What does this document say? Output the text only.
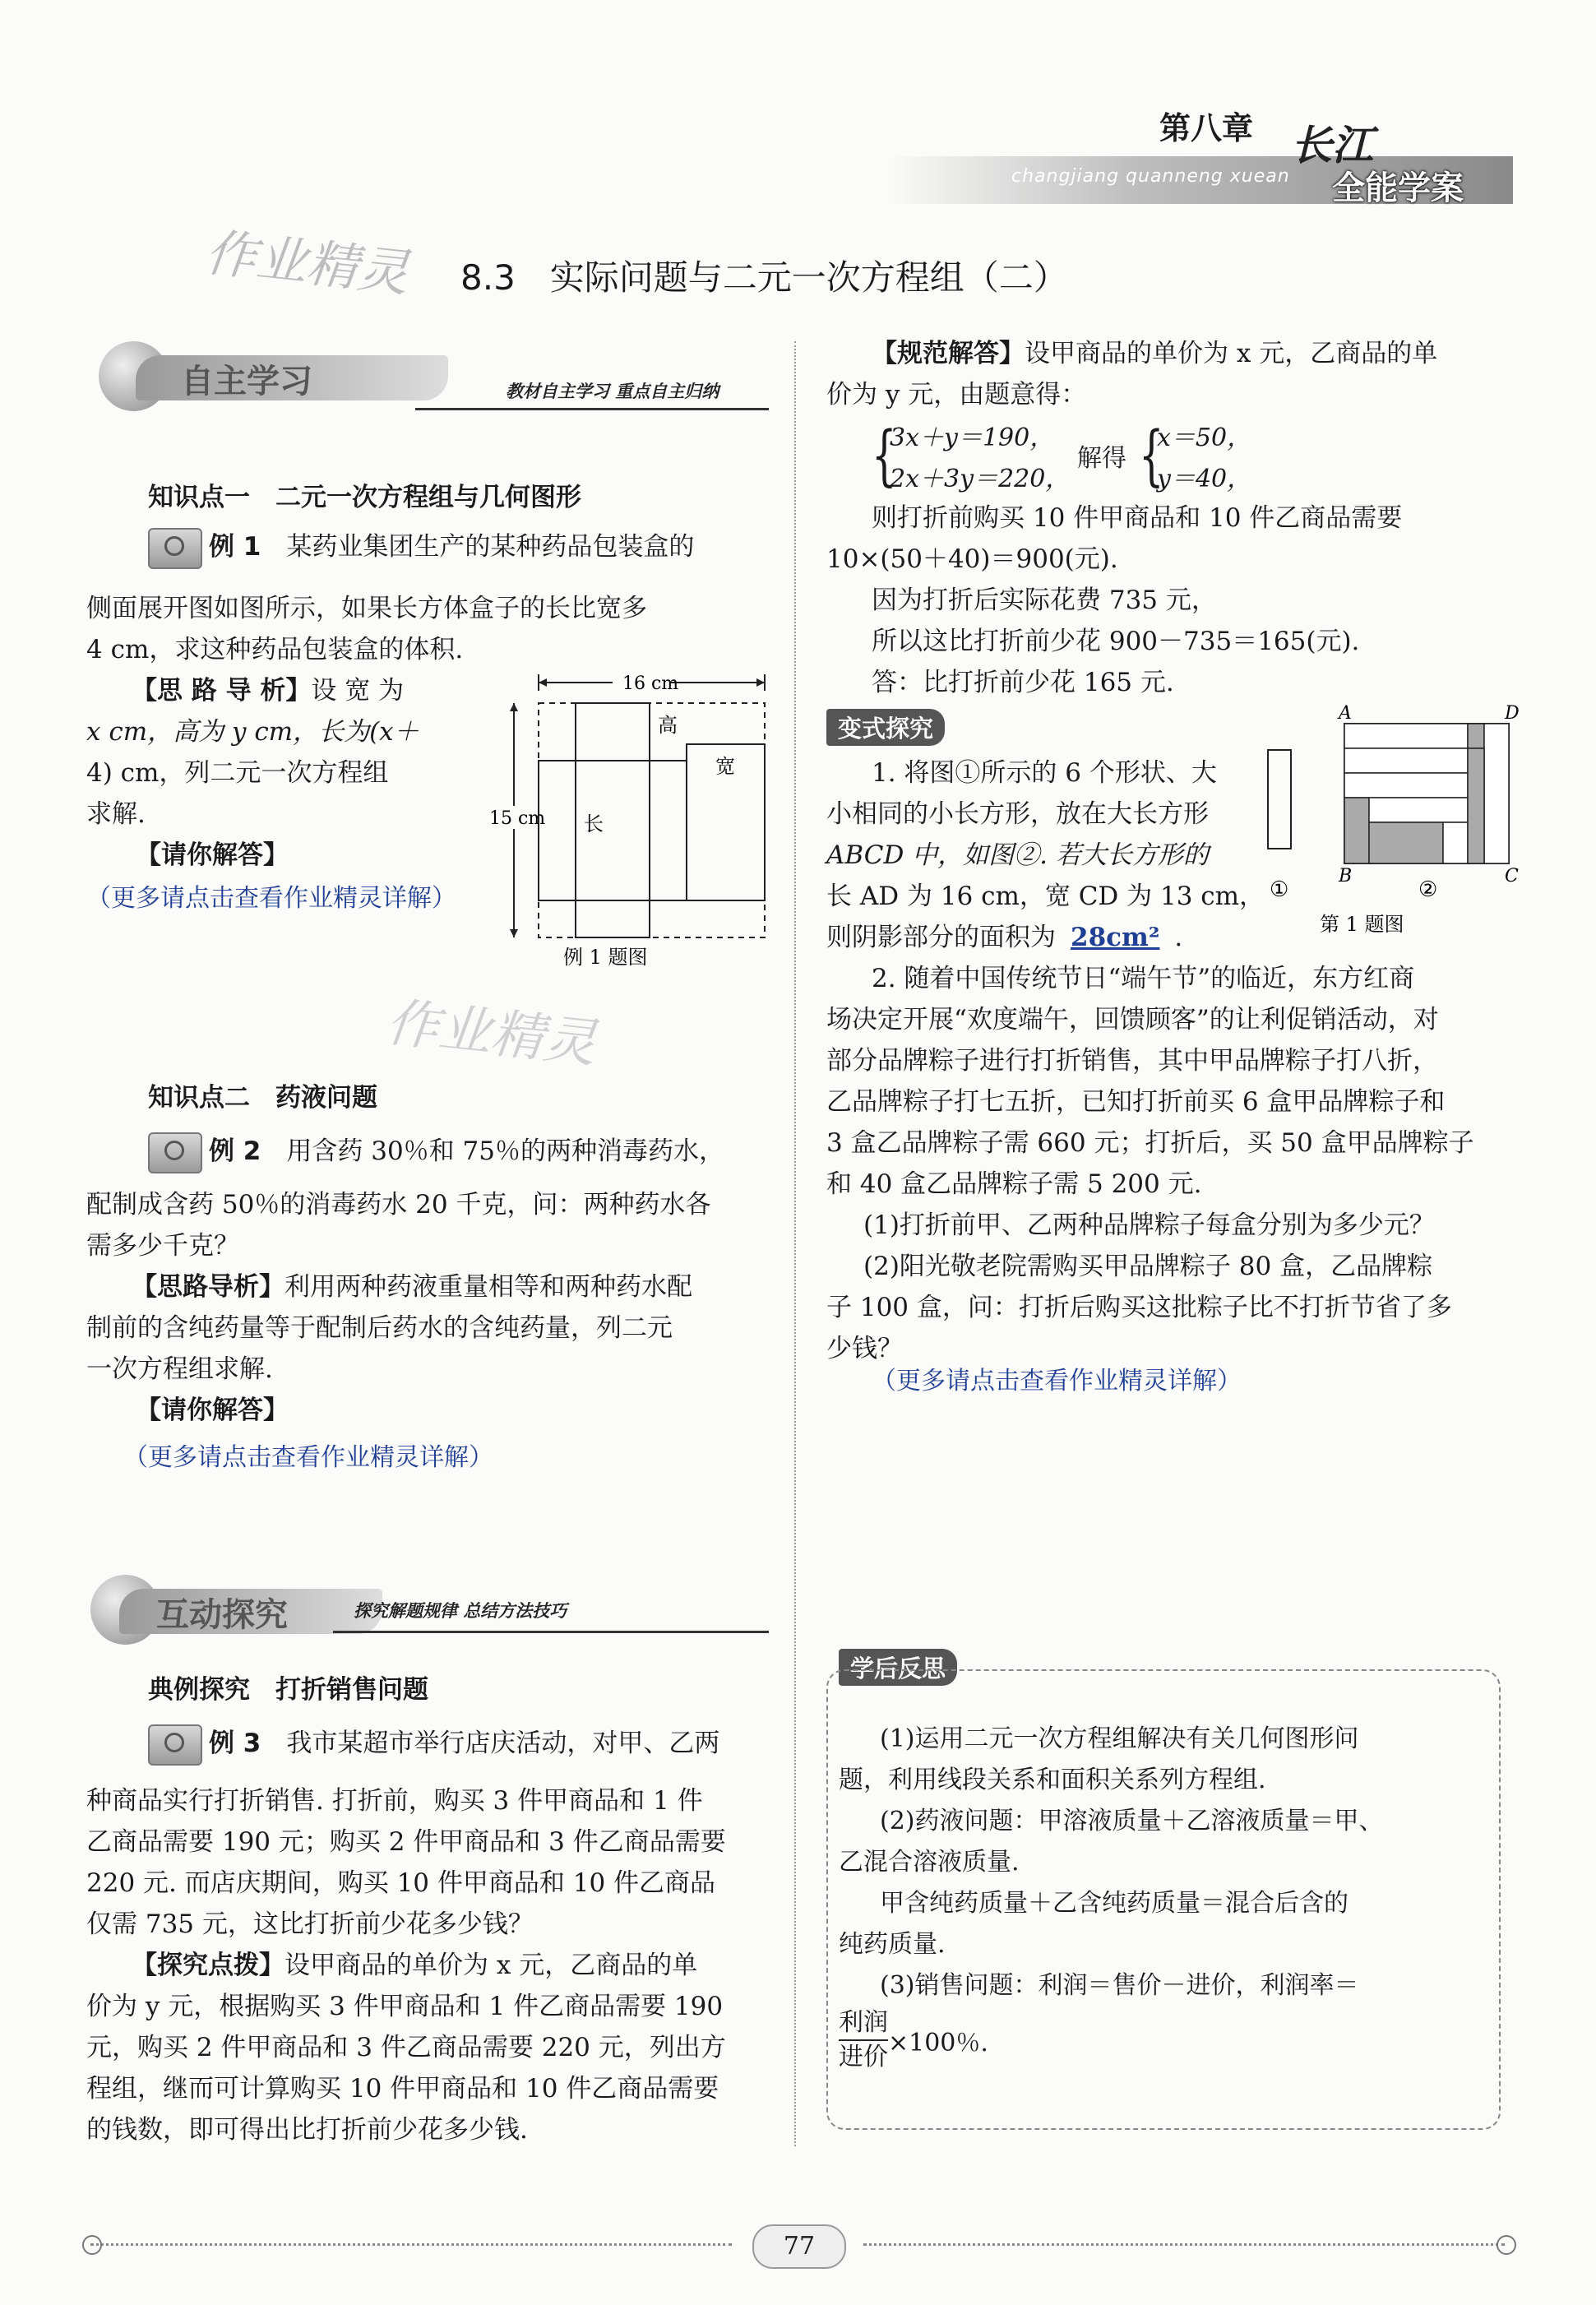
第八章
changjiang quanneng xuean
长江
全能学案
作业精灵
作业精灵
8.3　实际问题与二元一次方程组（二）
自主学习	教材自主学习 重点自主归纳
知识点一　二元一次方程组与几何图形
例 1　 某药业集团生产的某种药品包装盒的
侧面展开图如图所示，如果长方体盒子的长比宽多
4 cm，求这种药品包装盒的体积.
【思 路 导 析】设 宽 为
x cm，高为 y cm，长为(x＋
4) cm，列二元一次方程组
求解.
【请你解答】
（更多请点击查看作业精灵详解）
16 cm
15 cm
高
宽
长
例 1 题图
知识点二　药液问题
例 2　 用含药 30％和 75％的两种消毒药水，
配制成含药 50％的消毒药水 20 千克，问：两种药水各
需多少千克？
【思路导析】利用两种药液重量相等和两种药水配
制前的含纯药量等于配制后药水的含纯药量，列二元
一次方程组求解.
【请你解答】
（更多请点击查看作业精灵详解）
互动探究	探究解题规律 总结方法技巧
典例探究　打折销售问题
例 3　 我市某超市举行店庆活动，对甲、乙两
种商品实行打折销售. 打折前，购买 3 件甲商品和 1 件
乙商品需要 190 元；购买 2 件甲商品和 3 件乙商品需要
220 元. 而店庆期间，购买 10 件甲商品和 10 件乙商品
仅需 735 元，这比打折前少花多少钱？
【探究点拨】设甲商品的单价为 x 元，乙商品的单
价为 y 元，根据购买 3 件甲商品和 1 件乙商品需要 190
元，购买 2 件甲商品和 3 件乙商品需要 220 元，列出方
程组，继而可计算购买 10 件甲商品和 10 件乙商品需要
的钱数，即可得出比打折前少花多少钱.
【规范解答】设甲商品的单价为 x 元，乙商品的单
价为 y 元，由题意得：
{
3x＋y＝190，
2x＋3y＝220，
解得 {
x＝50，
y＝40，
则打折前购买 10 件甲商品和 10 件乙商品需要
10×(50＋40)＝900(元).
因为打折后实际花费 735 元，
所以这比打折前少花 900－735＝165(元).
答：比打折前少花 165 元.
变式探究
1. 将图①所示的 6 个形状、大
小相同的小长方形，放在大长方形
ABCD 中，如图②. 若大长方形的
长 AD 为 16 cm，宽 CD 为 13 cm，
则阴影部分的面积为 28cm² .
A
B	C
D
①	②
第 1 题图
2. 随着中国传统节日“端午节”的临近，东方红商
场决定开展“欢度端午，回馈顾客”的让利促销活动，对
部分品牌粽子进行打折销售，其中甲品牌粽子打八折，
乙品牌粽子打七五折，已知打折前买 6 盒甲品牌粽子和
3 盒乙品牌粽子需 660 元；打折后，买 50 盒甲品牌粽子
和 40 盒乙品牌粽子需 5 200 元.
(1)打折前甲、乙两种品牌粽子每盒分别为多少元？
(2)阳光敬老院需购买甲品牌粽子 80 盒，乙品牌粽
子 100 盒，问：打折后购买这批粽子比不打折节省了多
少钱？
（更多请点击查看作业精灵详解）
学后反思
(1)运用二元一次方程组解决有关几何图形问
题，利用线段关系和面积关系列方程组.
(2)药液问题：甲溶液质量＋乙溶液质量＝甲、
乙混合溶液质量.
甲含纯药质量＋乙含纯药质量＝混合后含的
纯药质量.
(3)销售问题：利润＝售价－进价，利润率＝
利润
进价 ×100％.
77
